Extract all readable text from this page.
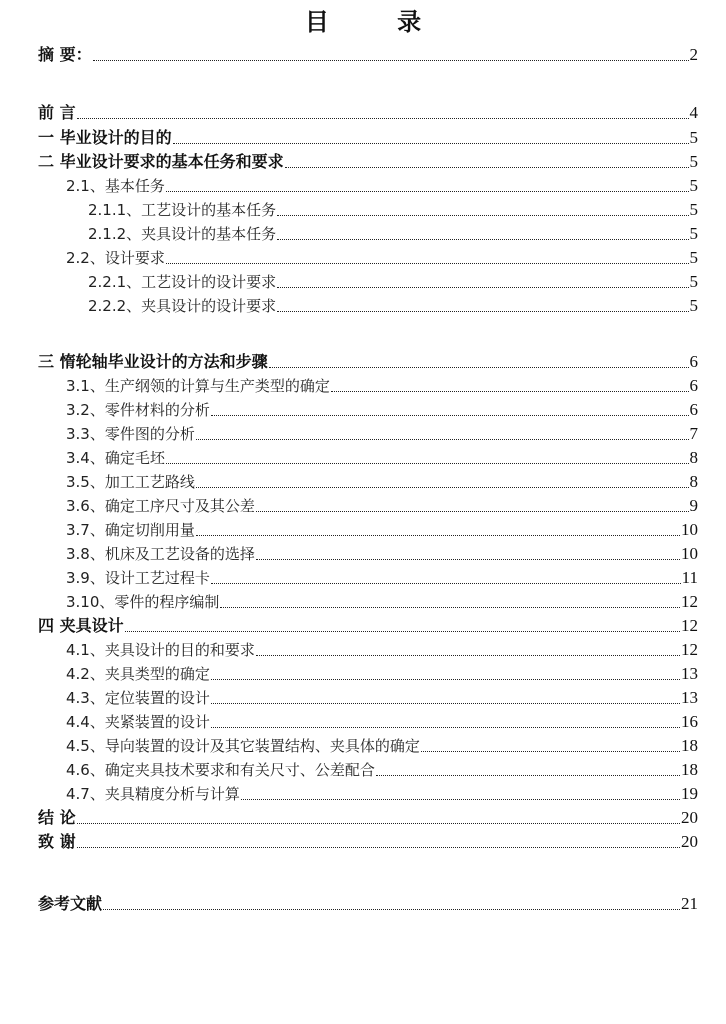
目 录
摘 要：	2
前 言	4
一 毕业设计的目的	5
二 毕业设计要求的基本任务和要求	5
2.1、基本任务	5
2.1.1、工艺设计的基本任务	5
2.1.2、夹具设计的基本任务	5
2.2、设计要求	5
2.2.1、工艺设计的设计要求	5
2.2.2、夹具设计的设计要求	5
三 惰轮轴毕业设计的方法和步骤	6
3.1、生产纲领的计算与生产类型的确定	6
3.2、零件材料的分析	6
3.3、零件图的分析	7
3.4、确定毛坯	8
3.5、加工工艺路线	8
3.6、确定工序尺寸及其公差	9
3.7、确定切削用量	10
3.8、机床及工艺设备的选择	10
3.9、设计工艺过程卡	11
3.10、零件的程序编制	12
四 夹具设计	12
4.1、夹具设计的目的和要求	12
4.2、夹具类型的确定	13
4.3、定位装置的设计	13
4.4、夹紧装置的设计	16
4.5、导向装置的设计及其它装置结构、夹具体的确定	18
4.6、确定夹具技术要求和有关尺寸、公差配合	18
4.7、夹具精度分析与计算	19
结 论	20
致 谢	20
参考文献	21
